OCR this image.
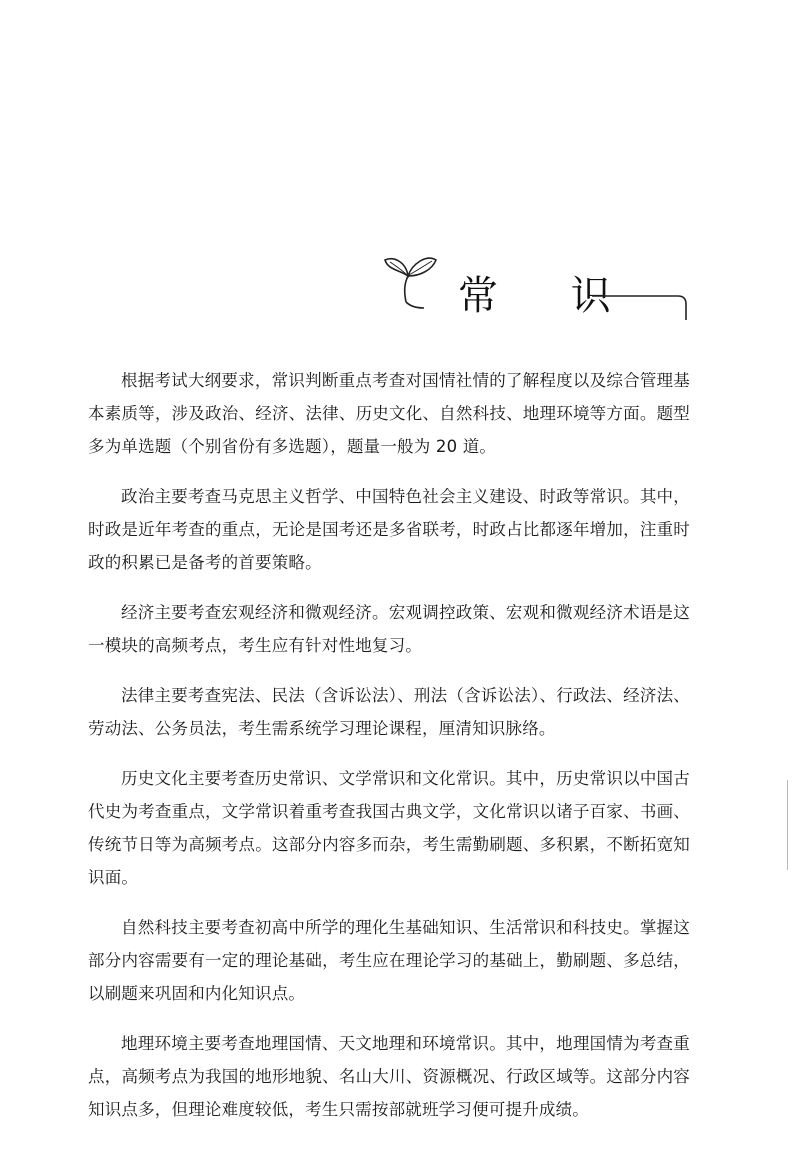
常 识

根据考试大纲要求，常识判断重点考查对国情社情的了解程度以及综合管理基本素质等，涉及政治、经济、法律、历史文化、自然科技、地理环境等方面。题型多为单选题（个别省份有多选题），题量一般为 20 道。

政治主要考查马克思主义哲学、中国特色社会主义建设、时政等常识。其中，时政是近年考查的重点，无论是国考还是多省联考，时政占比都逐年增加，注重时政的积累已是备考的首要策略。

经济主要考查宏观经济和微观经济。宏观调控政策、宏观和微观经济术语是这一模块的高频考点，考生应有针对性地复习。

法律主要考查宪法、民法（含诉讼法）、刑法（含诉讼法）、行政法、经济法、劳动法、公务员法，考生需系统学习理论课程，厘清知识脉络。

历史文化主要考查历史常识、文学常识和文化常识。其中，历史常识以中国古代史为考查重点，文学常识着重考查我国古典文学，文化常识以诸子百家、书画、传统节日等为高频考点。这部分内容多而杂，考生需勤刷题、多积累，不断拓宽知识面。

自然科技主要考查初高中所学的理化生基础知识、生活常识和科技史。掌握这部分内容需要有一定的理论基础，考生应在理论学习的基础上，勤刷题、多总结，以刷题来巩固和内化知识点。

地理环境主要考查地理国情、天文地理和环境常识。其中，地理国情为考查重点，高频考点为我国的地形地貌、名山大川、资源概况、行政区域等。这部分内容知识点多，但理论难度较低，考生只需按部就班学习便可提升成绩。
